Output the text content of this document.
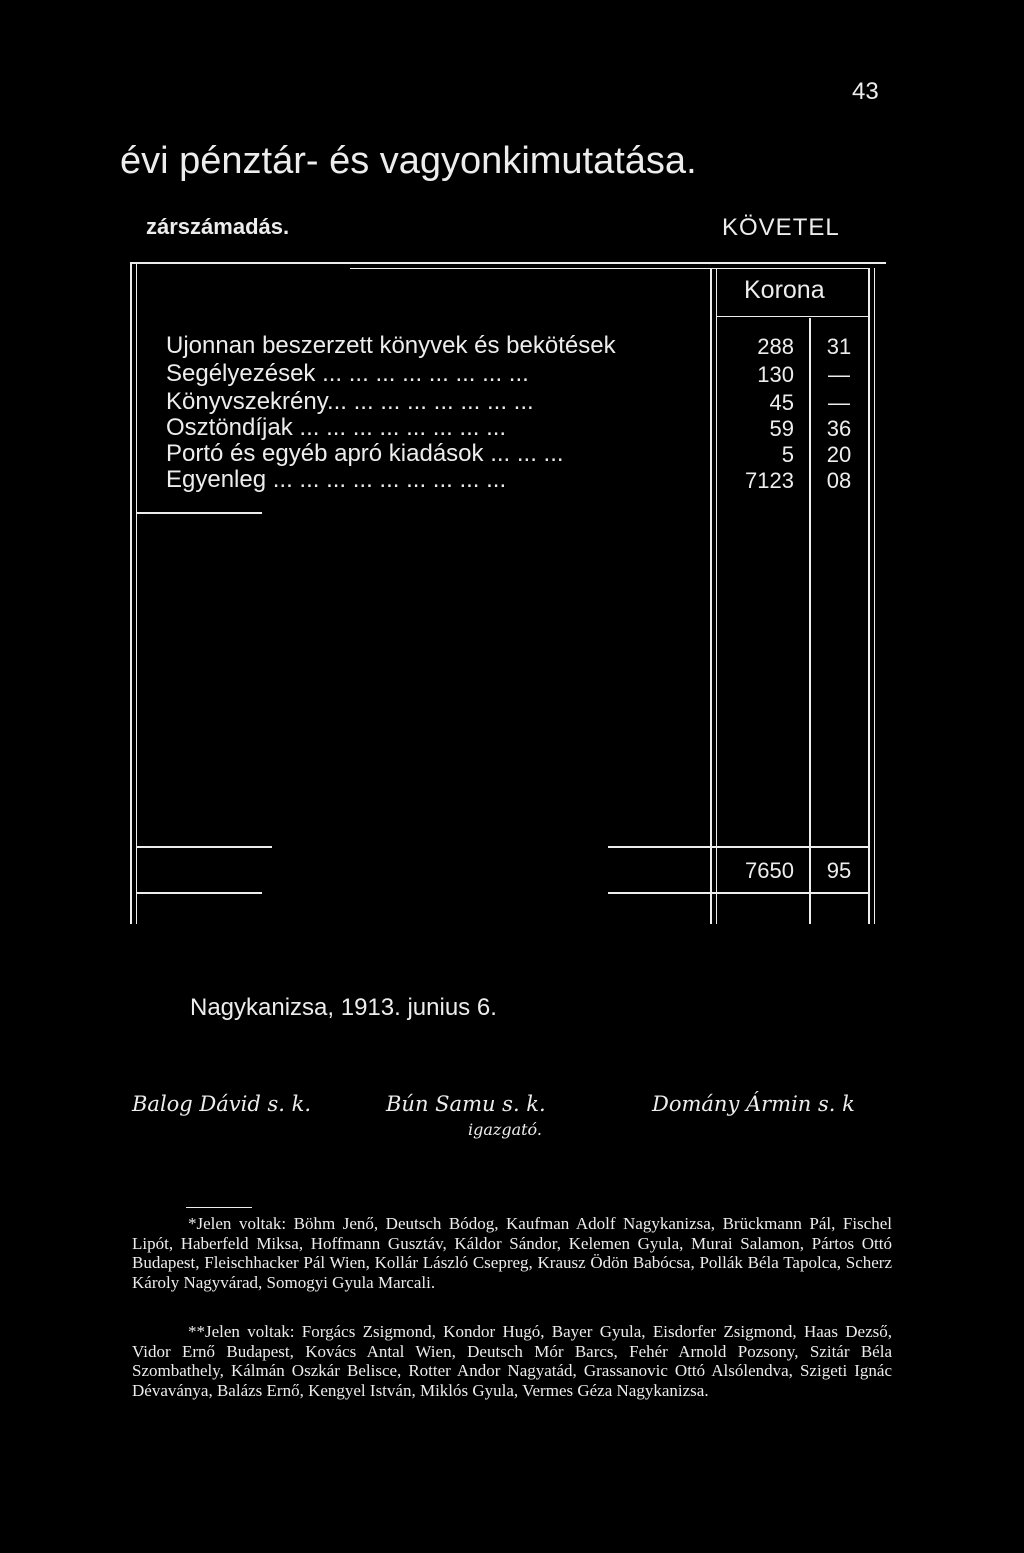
43
évi pénztár- és vagyonkimutatása.
zárszámadás.	KÖVETEL
Korona
Ujonnan beszerzett könyvek és bekötések	288	31
Segélyezések ... ... ... ... ... ... ... ...	130	—
Könyvszekrény... ... ... ... ... ... ... ...	45	—
Osztöndíjak ... ... ... ... ... ... ... ...	59	36
Portó és egyéb apró kiadások ... ... ...	5	20
Egyenleg ... ... ... ... ... ... ... ... ...	7123	08
7650	95
Nagykanizsa, 1913. junius 6.
Balog Dávid s. k.	Bún Samu s. k.
igazgató.
Domány Ármin s. k
*Jelen voltak: Böhm Jenő, Deutsch Bódog, Kaufman Adolf Nagykanizsa, Brückmann Pál, Fischel Lipót, Haberfeld Miksa, Hoffmann Gusztáv, Káldor Sándor, Kelemen Gyula, Murai Salamon, Pártos Ottó Budapest, Fleischhacker Pál Wien, Kollár László Csepreg, Krausz Ödön Babócsa, Pollák Béla Tapolca, Scherz Károly Nagyvárad, Somogyi Gyula Marcali.
**Jelen voltak: Forgács Zsigmond, Kondor Hugó, Bayer Gyula, Eisdorfer Zsigmond, Haas Dezső, Vidor Ernő Budapest, Kovács Antal Wien, Deutsch Mór Barcs, Fehér Arnold Pozsony, Szitár Béla Szombathely, Kálmán Oszkár Belisce, Rotter Andor Nagyatád, Grassanovic Ottó Alsólendva, Szigeti Ignác Dévaványa, Balázs Ernő, Kengyel István, Miklós Gyula, Vermes Géza Nagykanizsa.
